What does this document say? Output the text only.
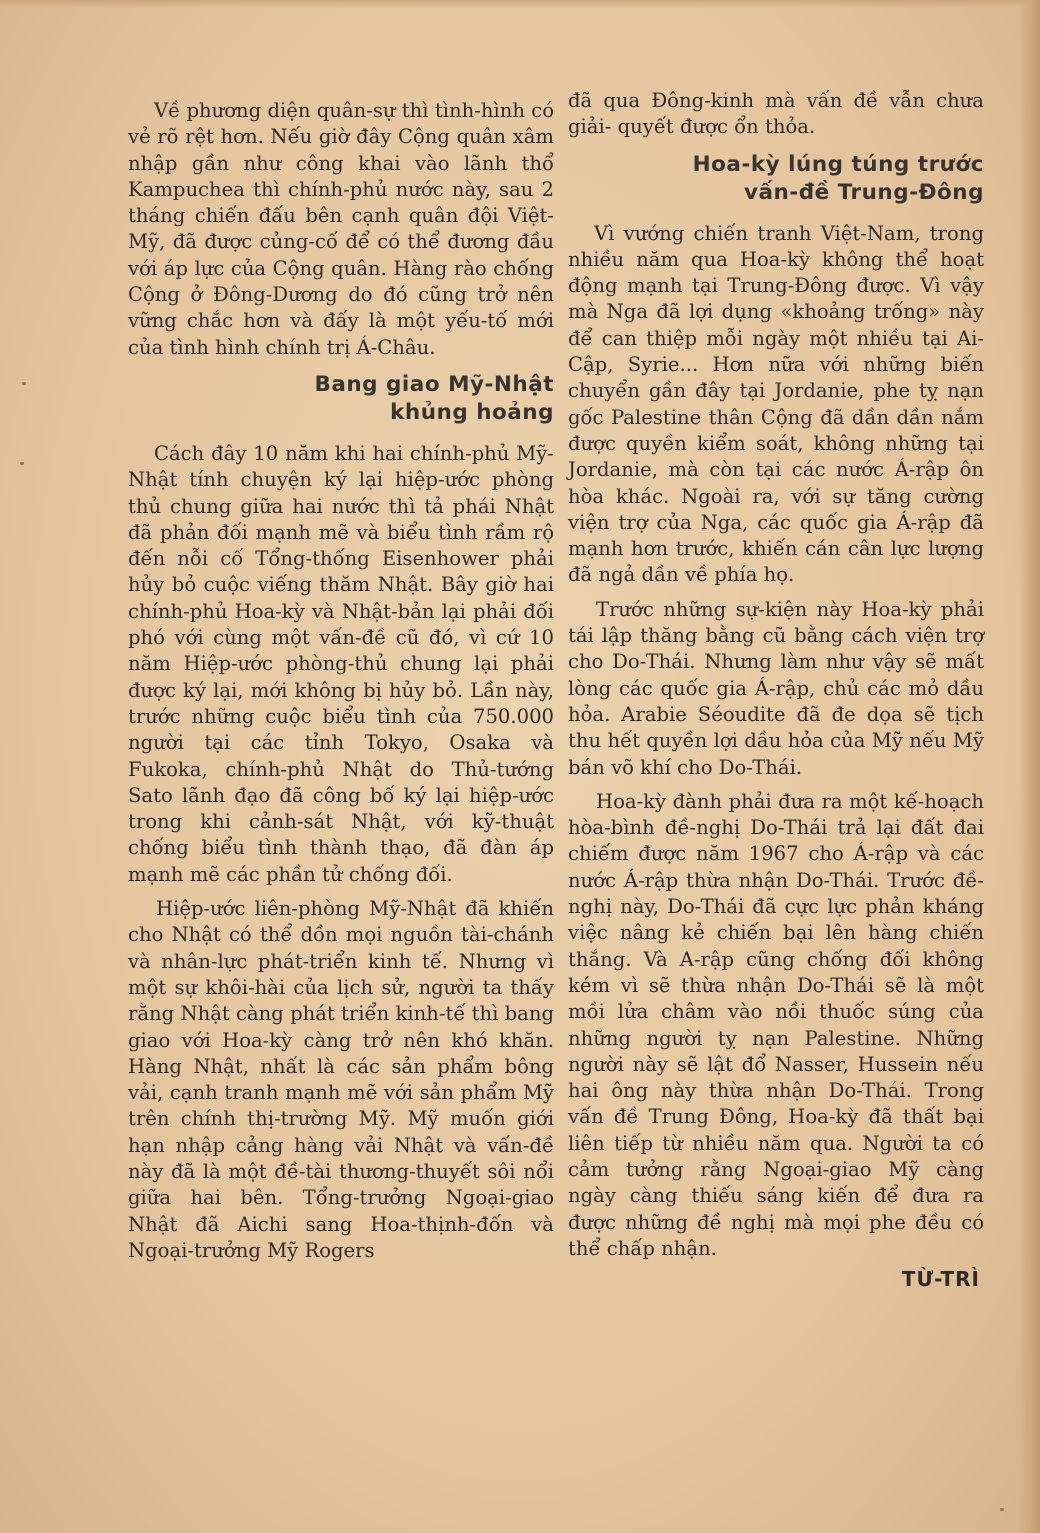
Về phương diện quân-sự thì tình-hình có vẻ rõ rệt hơn. Nếu giờ đây Cộng quân xâm nhập gần như công khai vào lãnh thổ Kampuchea thì chính-phủ nước này, sau 2 tháng chiến đấu bên cạnh quân đội Việt-Mỹ, đã được củng-cố để có thể đương đầu với áp lực của Cộng quân. Hàng rào chống Cộng ở Đông-Dương do đó cũng trở nên vững chắc hơn và đấy là một yếu-tố mới của tình hình chính trị Á-Châu.

Bang giao Mỹ-Nhật
khủng hoảng

Cách đây 10 năm khi hai chính-phủ Mỹ-Nhật tính chuyện ký lại hiệp-ước phòng thủ chung giữa hai nước thì tả phái Nhật đã phản đối mạnh mẽ và biểu tình rầm rộ đến nỗi cố Tổng-thống Eisenhower phải hủy bỏ cuộc viếng thăm Nhật. Bây giờ hai chính-phủ Hoa-kỳ và Nhật-bản lại phải đối phó với cùng một vấn-đề cũ đó, vì cứ 10 năm Hiệp-ước phòng-thủ chung lại phải được ký lại, mới không bị hủy bỏ. Lần này, trước những cuộc biểu tình của 750.000 người tại các tỉnh Tokyo, Osaka và Fukoka, chính-phủ Nhật do Thủ-tướng Sato lãnh đạo đã công bố ký lại hiệp-ước trong khi cảnh-sát Nhật, với kỹ-thuật chống biểu tình thành thạo, đã đàn áp mạnh mẽ các phần tử chống đối.

Hiệp-ước liên-phòng Mỹ-Nhật đã khiến cho Nhật có thể dồn mọi nguồn tài-chánh và nhân-lực phát-triển kinh tế. Nhưng vì một sự khôi-hài của lịch sử, người ta thấy rằng Nhật càng phát triển kinh-tế thì bang giao với Hoa-kỳ càng trở nên khó khăn. Hàng Nhật, nhất là các sản phẩm bông vải, cạnh tranh mạnh mẽ với sản phẩm Mỹ trên chính thị-trường Mỹ. Mỹ muốn giới hạn nhập cảng hàng vải Nhật và vấn-đề này đã là một đề-tài thương-thuyết sôi nổi giữa hai bên. Tổng-trưởng Ngoại-giao Nhật đã Aichi sang Hoa-thịnh-đốn và Ngoại-trưởng Mỹ Rogers

đã qua Đông-kinh mà vấn đề vẫn chưa giải- quyết được ổn thỏa.

Hoa-kỳ lúng túng trước
vấn-đề Trung-Đông

Vì vướng chiến tranh Việt-Nam, trong nhiều năm qua Hoa-kỳ không thể hoạt động mạnh tại Trung-Đông được. Vì vậy mà Nga đã lợi dụng «khoảng trống» này để can thiệp mỗi ngày một nhiều tại Ai-Cập, Syrie... Hơn nữa với những biến chuyển gần đây tại Jordanie, phe tỵ nạn gốc Palestine thân Cộng đã dần dần nắm được quyền kiểm soát, không những tại Jordanie, mà còn tại các nước Á-rập ôn hòa khác. Ngoài ra, với sự tăng cường viện trợ của Nga, các quốc gia Á-rập đã mạnh hơn trước, khiến cán cân lực lượng đã ngả dần về phía họ.

Trước những sự-kiện này Hoa-kỳ phải tái lập thăng bằng cũ bằng cách viện trợ cho Do-Thái. Nhưng làm như vậy sẽ mất lòng các quốc gia Á-rập, chủ các mỏ dầu hỏa. Arabie Séoudite đã đe dọa sẽ tịch thu hết quyền lợi dầu hỏa của Mỹ nếu Mỹ bán võ khí cho Do-Thái.

Hoa-kỳ đành phải đưa ra một kế-hoạch hòa-bình đề-nghị Do-Thái trả lại đất đai chiếm được năm 1967 cho Á-rập và các nước Á-rập thừa nhận Do-Thái. Trước đề-nghị này, Do-Thái đã cực lực phản kháng việc nâng kẻ chiến bại lên hàng chiến thắng. Và A-rập cũng chống đối không kém vì sẽ thừa nhận Do-Thái sẽ là một mồi lửa châm vào nồi thuốc súng của những người tỵ nạn Palestine. Những người này sẽ lật đổ Nasser, Hussein nếu hai ông này thừa nhận Do-Thái. Trong vấn đề Trung Đông, Hoa-kỳ đã thất bại liên tiếp từ nhiều năm qua. Người ta có cảm tưởng rằng Ngoại-giao Mỹ càng ngày càng thiếu sáng kiến để đưa ra được những đề nghị mà mọi phe đều có thể chấp nhận.

TỪ-TRÌ
